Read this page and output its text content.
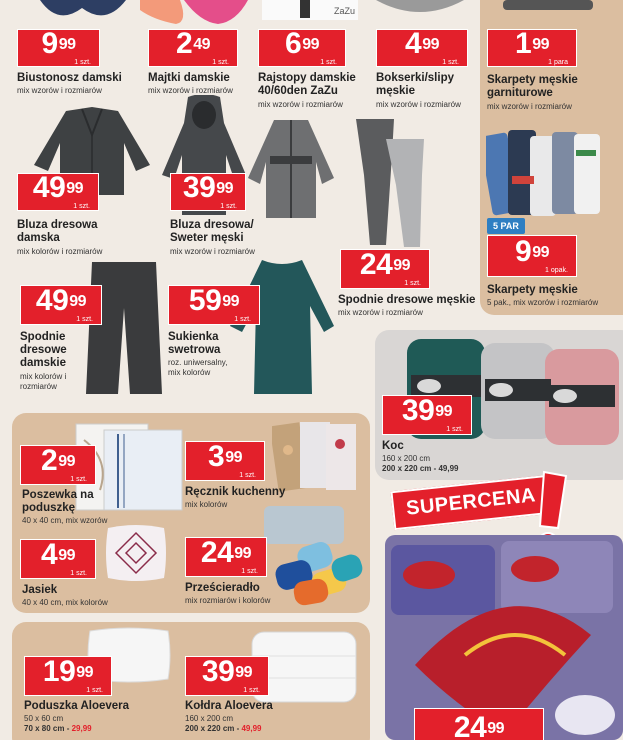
ZaZu
$9^{99}$
1 szt.
$2^{49}$
1 szt.
$6^{99}$
1 szt.
$4^{99}$
1 szt.
$1^{99}$
1 para
Biustonosz damski
mix wzorów i rozmiarów
Majtki damskie
mix wzorów i rozmiarów
Rajstopy damskie 40/60den ZaZu
mix wzorów i rozmiarów
Bokserki/slipy męskie
mix wzorów i rozmiarów
Skarpety męskie garniturowe
mix wzorów i rozmiarów
$49^{99}$
1 szt.
$39^{99}$
1 szt.
5 PAR
$9^{99}$
1 opak.
$24^{99}$
1 szt.
Bluza dresowa damska
mix kolorów i rozmiarów
Bluza dresowa/ Sweter męski
mix wzorów i rozmiarów
Skarpety męskie
5 pak., mix wzorów i rozmiarów
Spodnie dresowe męskie
mix wzorów i rozmiarów
$49^{99}$
1 szt.
$59^{99}$
1 szt.
Spodnie dresowe damskie
mix kolorów i rozmiarów
Sukienka swetrowa
roz. uniwersalny, mix kolorów
$39^{99}$
1 szt.
Koc
160 x 200 cm
200 x 220 cm - 49,99
SUPERCENA
$24^{99}$
$2^{99}$
1 szt.
$3^{99}$
1 szt.
Poszewka na poduszkę
40 x 40 cm, mix wzorów
Ręcznik kuchenny
mix kolorów
$4^{99}$
1 szt.
$24^{99}$
1 szt.
Jasiek
40 x 40 cm, mix kolorów
Prześcieradło
mix rozmiarów i kolorów
$19^{99}$
1 szt.
$39^{99}$
1 szt.
Poduszka Aloevera
50 x 60 cm
70 x 80 cm - 29,99
Kołdra Aloevera
160 x 200 cm
200 x 220 cm - 49,99
